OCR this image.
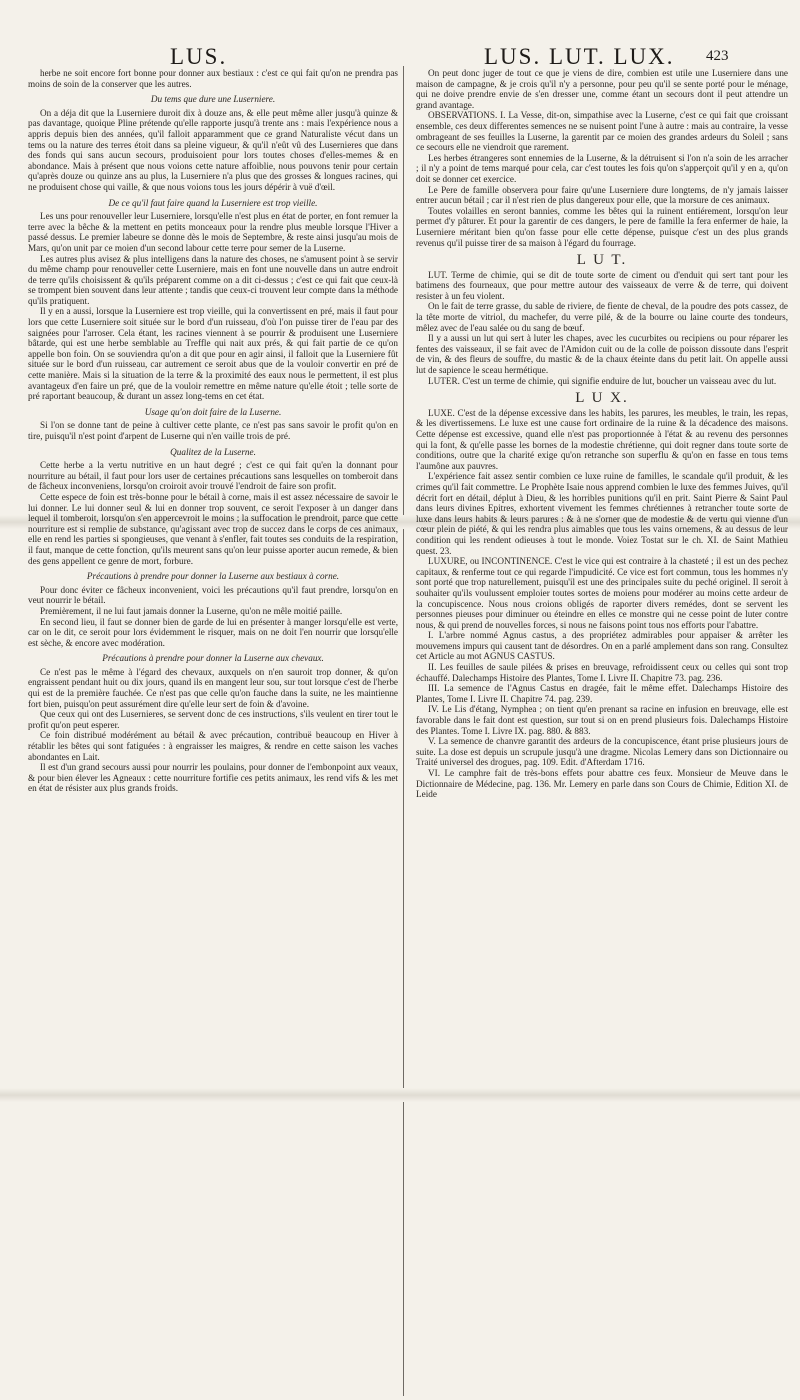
LUS.	LUS. LUT. LUX. 423
herbe ne soit encore fort bonne pour donner aux bestiaux : c'est ce qui fait qu'on ne prendra pas moins de soin de la conserver que les autres.
Du tems que dure une Luserniere.
On a déja dit que la Luserniere duroit dix à douze ans, & elle peut même aller jusqu'à quinze & pas davantage, quoique Pline prétende qu'elle rapporte jusqu'à trente ans : mais l'expérience nous a appris depuis bien des années, qu'il falloit apparamment que ce grand Naturaliste vécut dans un tems ou la nature des terres étoit dans sa pleine vigueur, & qu'il n'eût vû des Lusernieres que dans des fonds qui sans aucun secours, produisoient pour lors toutes choses d'elles-memes & en abondance. Mais à présent que nous voions cette nature affoiblie, nous pouvons tenir pour certain qu'après douze ou quinze ans au plus, la Luserniere n'a plus que des grosses & longues racines, qui ne produisent chose qui vaille, & que nous voions tous les jours dépérir à vuë d'œil.
De ce qu'il faut faire quand la Luserniere est trop vieille.
Les uns pour renouveller leur Luserniere, lorsqu'elle n'est plus en état de porter, en font remuer la terre avec la bêche & la mettent en petits monceaux pour la rendre plus meuble lorsque l'Hiver a passé dessus. Le premier labeure se donne dès le mois de Septembre, & reste ainsi jusqu'au mois de Mars, qu'on unit par ce moien d'un second labour cette terre pour semer de la Luserne.
Les autres plus avisez & plus intelligens dans la nature des choses, ne s'amusent point à se servir du même champ pour renouveller cette Luserniere, mais en font une nouvelle dans un autre endroit de terre qu'ils choisissent & qu'ils préparent comme on a dit ci-dessus ; c'est ce qui fait que ceux-là se trompent bien souvent dans leur attente ; tandis que ceux-ci trouvent leur compte dans la méthode qu'ils pratiquent.
Il y en a aussi, lorsque la Luserniere est trop vieille, qui la convertissent en pré, mais il faut pour lors que cette Luserniere soit située sur le bord d'un ruisseau, d'où l'on puisse tirer de l'eau par des saignées pour l'arroser. Cela étant, les racines viennent à se pourrir & produisent une Luserniere bâtarde, qui est une herbe semblable au Treffle qui nait aux prés, & qui fait partie de ce qu'on appelle bon foin. On se souviendra qu'on a dit que pour en agir ainsi, il falloit que la Luserniere fût située sur le bord d'un ruisseau, car autrement ce seroit abus que de la vouloir convertir en pré de cette manière. Mais si la situation de la terre & la proximité des eaux nous le permettent, il est plus avantageux d'en faire un pré, que de la vouloir remettre en même nature qu'elle étoit ; telle sorte de pré raportant beaucoup, & durant un assez long-tems en cet état.
Usage qu'on doit faire de la Luserne.
Si l'on se donne tant de peine à cultiver cette plante, ce n'est pas sans savoir le profit qu'on en tire, puisqu'il n'est point d'arpent de Luserne qui n'en vaille trois de pré.
Qualitez de la Luserne.
Cette herbe a la vertu nutritive en un haut degré ; c'est ce qui fait qu'en la donnant pour nourriture au bétail, il faut pour lors user de certaines précautions sans lesquelles on tomberoit dans de fâcheux inconveniens, lorsqu'on croiroit avoir trouvé l'endroit de faire son profit.
Cette espece de foin est très-bonne pour le bétail à corne, mais il est assez nécessaire de savoir le lui donner. Le lui donner seul & lui en donner trop souvent, ce seroit l'exposer à un danger dans lequel il tomberoit, lorsqu'on s'en appercevroit le moins ; la suffocation le prendroit, parce que cette nourriture est si remplie de substance, qu'agissant avec trop de succez dans le corps de ces animaux, elle en rend les parties si spongieuses, que venant à s'enfler, fait toutes ses conduits de la respiration, il faut, manque de cette fonction, qu'ils meurent sans qu'on leur puisse aporter aucun remede, & bien des gens appellent ce genre de mort, forbure.
Précautions à prendre pour donner la Luserne aux bestiaux à corne.
Pour donc éviter ce fâcheux inconvenient, voici les précautions qu'il faut prendre, lorsqu'on en veut nourrir le bétail.
Premièrement, il ne lui faut jamais donner la Luserne, qu'on ne mêle moitié paille.
En second lieu, il faut se donner bien de garde de lui en présenter à manger lorsqu'elle est verte, car on le dit, ce seroit pour lors évidemment le risquer, mais on ne doit l'en nourrir que lorsqu'elle est sèche, & encore avec modération.
Précautions à prendre pour donner la Luserne aux chevaux.
Ce n'est pas le même à l'égard des chevaux, auxquels on n'en sauroit trop donner, & qu'on engraissent pendant huit ou dix jours, quand ils en mangent leur sou, sur tout lorsque c'est de l'herbe qui est de la première fauchée. Ce n'est pas que celle qu'on fauche dans la suite, ne les maintienne fort bien, puisqu'on peut assurément dire qu'elle leur sert de foin & d'avoine.
Que ceux qui ont des Lusernieres, se servent donc de ces instructions, s'ils veulent en tirer tout le profit qu'on peut esperer.
Ce foin distribué modérément au bétail & avec précaution, contribuë beaucoup en Hiver à rétablir les bêtes qui sont fatiguées : à engraisser les maigres, & rendre en cette saison les vaches abondantes en Lait.
Il est d'un grand secours aussi pour nourrir les poulains, pour donner de l'embonpoint aux veaux, & pour bien élever les Agneaux : cette nourriture fortifie ces petits animaux, les rend vifs & les met en état de résister aux plus grands froids.
On peut donc juger de tout ce que je viens de dire, combien est utile une Luserniere dans une maison de campagne, & je crois qu'il n'y a personne, pour peu qu'il se sente porté pour le ménage, qui ne doive prendre envie de s'en dresser une, comme étant un secours dont il peut attendre un grand avantage.
OBSERVATIONS. I. La Vesse, dit-on, simpathise avec la Luserne, c'est ce qui fait que croissant ensemble, ces deux differentes semences ne se nuisent point l'une à autre : mais au contraire, la vesse ombrageant de ses feuilles la Luserne, la garentit par ce moien des grandes ardeurs du Soleil ; sans ce secours elle ne viendroit que rarement.
Les herbes étrangeres sont ennemies de la Luserne, & la détruisent si l'on n'a soin de les arracher ; il n'y a point de tems marqué pour cela, car c'est toutes les fois qu'on s'apperçoit qu'il y en a, qu'on doit se donner cet exercice.
Le Pere de famille observera pour faire qu'une Luserniere dure longtems, de n'y jamais laisser entrer aucun bétail ; car il n'est rien de plus dangereux pour elle, que la morsure de ces animaux.
Toutes volailles en seront bannies, comme les bêtes qui la ruinent entiérement, lorsqu'on leur permet d'y pâturer. Et pour la garentir de ces dangers, le pere de famille la fera enfermer de haie, la Luserniere méritant bien qu'on fasse pour elle cette dépense, puisque c'est un des plus grands revenus qu'il puisse tirer de sa maison à l'égard du fourrage.
L U T.
LUT. Terme de chimie, qui se dit de toute sorte de ciment ou d'enduit qui sert tant pour les batimens des fourneaux, que pour mettre autour des vaisseaux de verre & de terre, qui doivent resister à un feu violent.
On le fait de terre grasse, du sable de riviere, de fiente de cheval, de la poudre des pots cassez, de la tête morte de vitriol, du machefer, du verre pilé, & de la bourre ou laine courte des tondeurs, mêlez avec de l'eau salée ou du sang de bœuf.
Il y a aussi un lut qui sert à luter les chapes, avec les cucurbites ou recipiens ou pour réparer les fentes des vaisseaux, il se fait avec de l'Amidon cuit ou de la colle de poisson dissoute dans l'esprit de vin, & des fleurs de souffre, du mastic & de la chaux éteinte dans du petit lait. On appelle aussi lut de sapience le sceau hermétique.
LUTER. C'est un terme de chimie, qui signifie enduire de lut, boucher un vaisseau avec du lut.
L U X.
LUXE. C'est de la dépense excessive dans les habits, les parures, les meubles, le train, les repas, & les divertissemens. Le luxe est une cause fort ordinaire de la ruine & la décadence des maisons. Cette dépense est excessive, quand elle n'est pas proportionnée à l'état & au revenu des personnes qui la font, & qu'elle passe les bornes de la modestie chrétienne, qui doit regner dans toute sorte de conditions, outre que la charité exige qu'on retranche son superflu & qu'on en fasse en tous tems l'aumône aux pauvres.
L'expérience fait assez sentir combien ce luxe ruine de familles, le scandale qu'il produit, & les crimes qu'il fait commettre. Le Prophète Isaie nous apprend combien le luxe des femmes Juives, qu'il décrit fort en détail, déplut à Dieu, & les horribles punitions qu'il en prit. Saint Pierre & Saint Paul dans leurs divines Epitres, exhortent vivement les femmes chrétiennes à retrancher toute sorte de luxe dans leurs habits & leurs parures : & à ne s'orner que de modestie & de vertu qui vienne d'un cœur plein de piété, & qui les rendra plus aimables que tous les vains ornemens, & au dessus de leur condition qui les rendent odieuses à tout le monde. Voiez Tostat sur le ch. XI. de Saint Mathieu quest. 23.
LUXURE, ou INCONTINENCE. C'est le vice qui est contraire à la chasteté ; il est un des pechez capitaux, & renferme tout ce qui regarde l'impudicité. Ce vice est fort commun, tous les hommes n'y sont porté que trop naturellement, puisqu'il est une des principales suite du peché originel. Il seroit à souhaiter qu'ils voulussent emploier toutes sortes de moiens pour modérer au moins cette ardeur de la concupiscence. Nous nous croions obligés de raporter divers remédes, dont se servent les personnes pieuses pour diminuer ou éteindre en elles ce monstre qui ne cesse point de luter contre nous, & qui prend de nouvelles forces, si nous ne faisons point tous nos efforts pour l'abattre.
I. L'arbre nommé Agnus castus, a des propriétez admirables pour appaiser & arrêter les mouvemens impurs qui causent tant de désordres. On en a parlé amplement dans son rang. Consultez cet Article au mot AGNUS CASTUS.
II. Les feuilles de saule pilées & prises en breuvage, refroidissent ceux ou celles qui sont trop échauffé. Dalechamps Histoire des Plantes, Tome I. Livre II. Chapitre 73. pag. 236.
III. La semence de l'Agnus Castus en dragée, fait le même effet. Dalechamps Histoire des Plantes, Tome I. Livre II. Chapitre 74. pag. 239.
IV. Le Lis d'étang, Nymphea ; on tient qu'en prenant sa racine en infusion en breuvage, elle est favorable dans le fait dont est question, sur tout si on en prend plusieurs fois. Dalechamps Histoire des Plantes. Tome I. Livre IX. pag. 880. & 883.
V. La semence de chanvre garantit des ardeurs de la concupiscence, étant prise plusieurs jours de suite. La dose est depuis un scrupule jusqu'à une dragme. Nicolas Lemery dans son Dictionnaire ou Traité universel des drogues, pag. 109. Edit. d'Afterdam 1716.
VI. Le camphre fait de très-bons effets pour abattre ces feux. Monsieur de Meuve dans le Dictionnaire de Médecine, pag. 136. Mr. Lemery en parle dans son Cours de Chimie, Edition XI. de Leide
